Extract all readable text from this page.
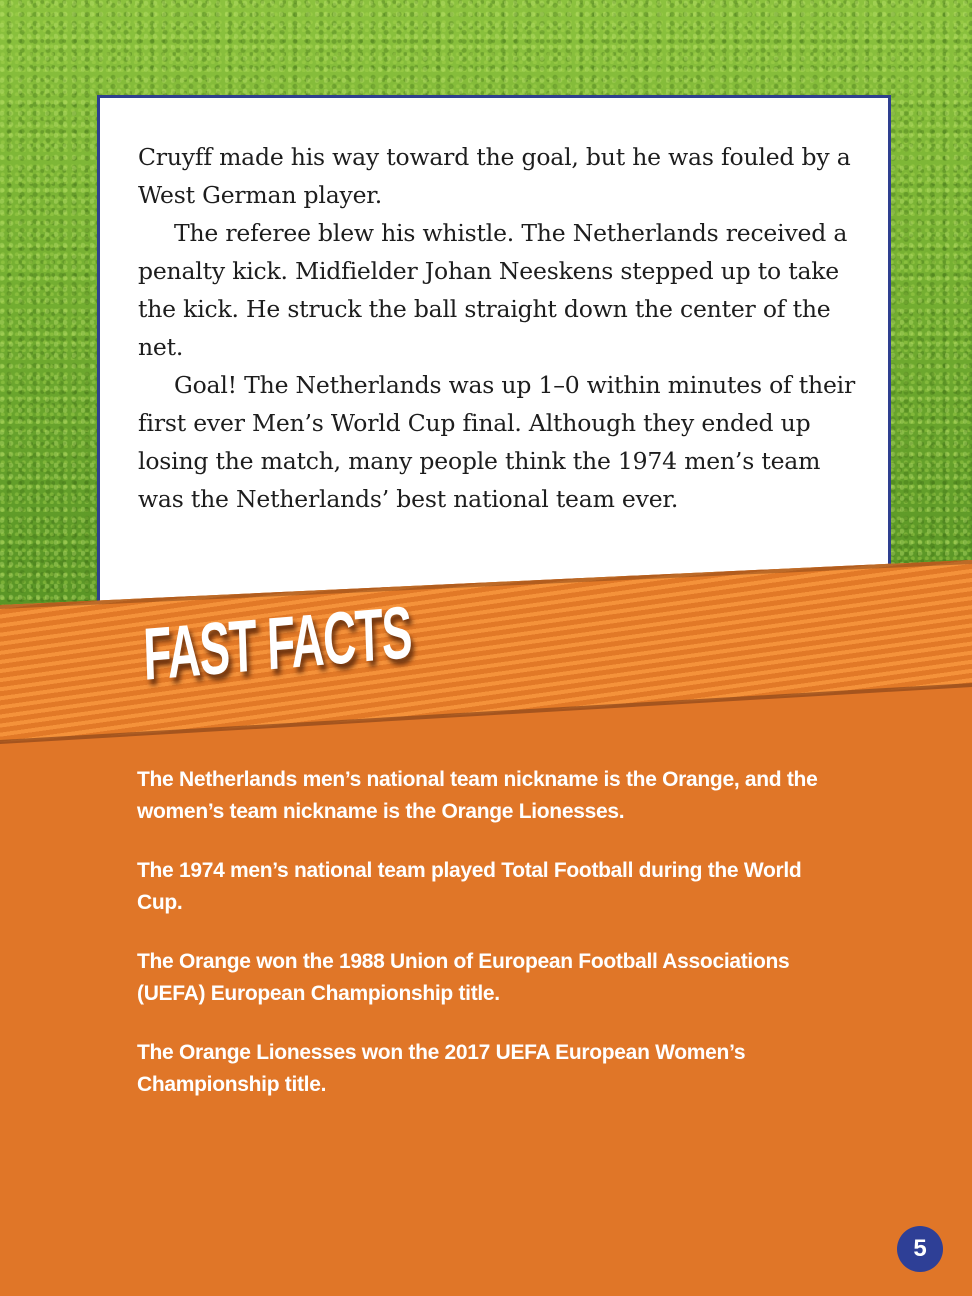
Cruyff made his way toward the goal, but he was fouled by a West German player.

The referee blew his whistle. The Netherlands received a penalty kick. Midfielder Johan Neeskens stepped up to take the kick. He struck the ball straight down the center of the net.

Goal! The Netherlands was up 1–0 within minutes of their first ever Men’s World Cup final. Although they ended up losing the match, many people think the 1974 men’s team was the Netherlands’ best national team ever.

FAST FACTS

The Netherlands men’s national team nickname is the Orange, and the women’s team nickname is the Orange Lionesses.

The 1974 men’s national team played Total Football during the World Cup.

The Orange won the 1988 Union of European Football Associations (UEFA) European Championship title.

The Orange Lionesses won the 2017 UEFA European Women’s Championship title.

5
